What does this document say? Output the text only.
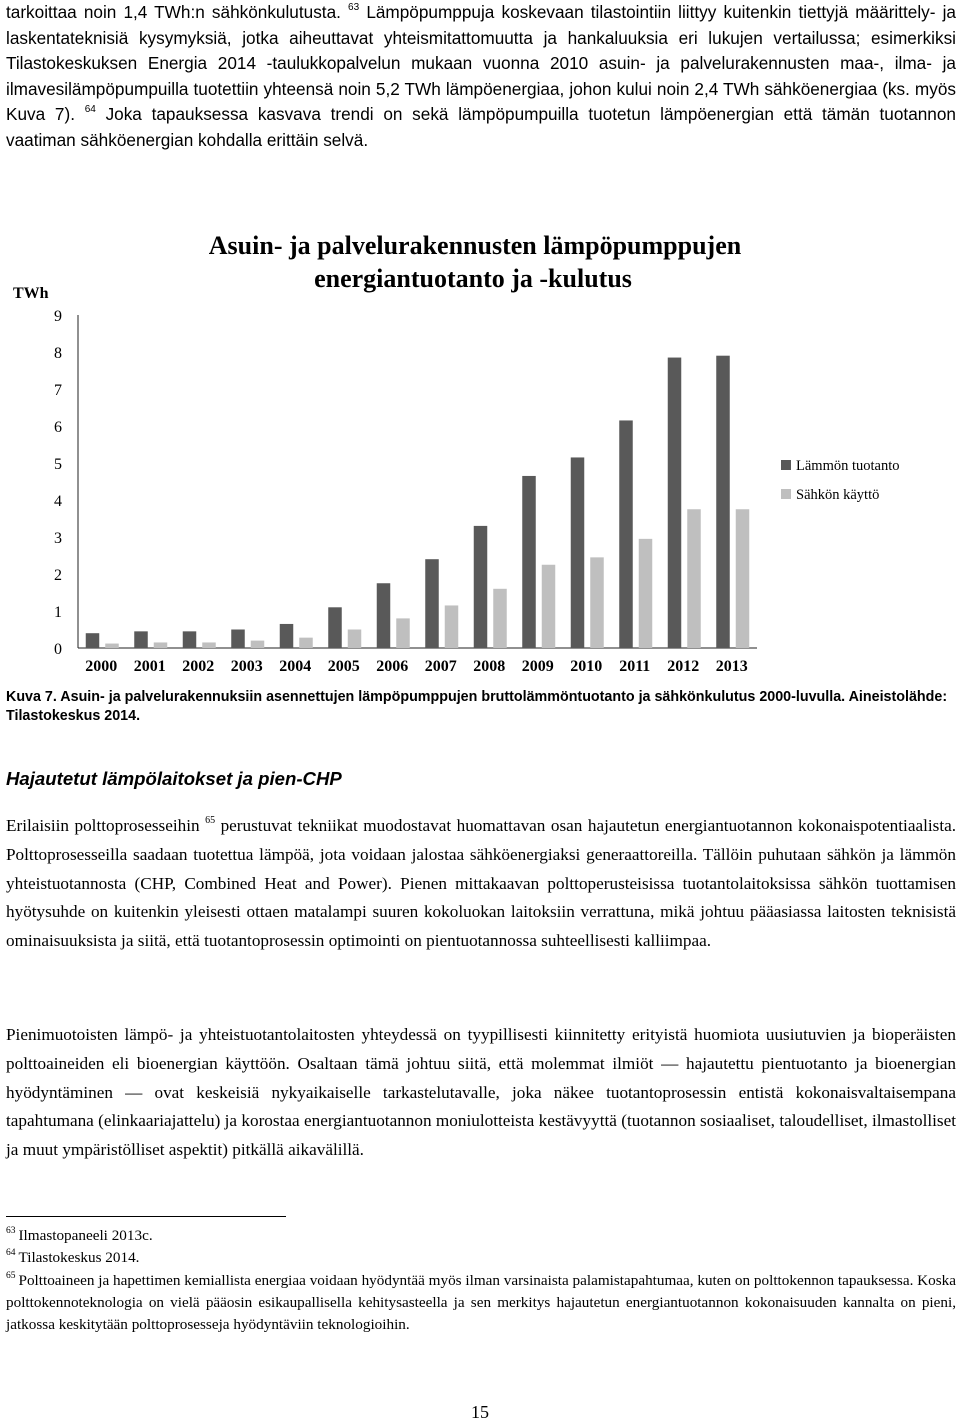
tarkoittaa noin 1,4 TWh:n sähkönkulutusta. $^{63}$ Lämpöpumppuja koskevaan tilastointiin liittyy kuitenkin tiettyjä määrittely- ja laskentateknisiä kysymyksiä, jotka aiheuttavat yhteismitattomuutta ja hankaluuksia eri lukujen vertailussa; esimerkiksi Tilastokeskuksen Energia 2014 -taulukkopalvelun mukaan vuonna 2010 asuin- ja palvelurakennusten maa-, ilma- ja ilmavesilämpöpumpuilla tuotettiin yhteensä noin 5,2 TWh lämpöenergiaa, johon kului noin 2,4 TWh sähköenergiaa (ks. myös Kuva 7). $^{64}$ Joka tapauksessa kasvava trendi on sekä lämpöpumpuilla tuotetun lämpöenergian että tämän tuotannon vaatiman sähköenergian kohdalla erittäin selvä.

Asuin- ja palvelurakennusten lämpöpumppujen
energiantuotanto ja -kulutus
TWh
0
1
2
3
4
5
6
7
8
9
2000 2001 2002 2003 2004 2005 2006 2007 2008 2009 2010 2011 2012 2013
Lämmön tuotanto
Sähkön käyttö

Kuva 7. Asuin- ja palvelurakennuksiin asennettujen lämpöpumppujen bruttolämmöntuotanto ja sähkönkulutus 2000-luvulla. Aineistolähde: Tilastokeskus 2014.

Hajautetut lämpölaitokset ja pien-CHP

Erilaisiin polttoprosesseihin $^{65}$ perustuvat tekniikat muodostavat huomattavan osan hajautetun energiantuotannon kokonaispotentiaalista. Polttoprosesseilla saadaan tuotettua lämpöä, jota voidaan jalostaa sähköenergiaksi generaattoreilla. Tällöin puhutaan sähkön ja lämmön yhteistuotannosta (CHP, Combined Heat and Power). Pienen mittakaavan polttoperusteisissa tuotantolaitoksissa sähkön tuottamisen hyötysuhde on kuitenkin yleisesti ottaen matalampi suuren kokoluokan laitoksiin verrattuna, mikä johtuu pääasiassa laitosten teknisistä ominaisuuksista ja siitä, että tuotantoprosessin optimointi on pientuotannossa suhteellisesti kalliimpaa.

Pienimuotoisten lämpö- ja yhteistuotantolaitosten yhteydessä on tyypillisesti kiinnitetty erityistä huomiota uusiutuvien ja bioperäisten polttoaineiden eli bioenergian käyttöön. Osaltaan tämä johtuu siitä, että molemmat ilmiöt — hajautettu pientuotanto ja bioenergian hyödyntäminen — ovat keskeisiä nykyaikaiselle tarkastelutavalle, joka näkee tuotantoprosessin entistä kokonaisvaltaisempana tapahtumana (elinkaariajattelu) ja korostaa energiantuotannon moniulotteista kestävyyttä (tuotannon sosiaaliset, taloudelliset, ilmastolliset ja muut ympäristölliset aspektit) pitkällä aikavälillä.

$^{63}$ Ilmastopaneeli 2013c.

$^{64}$ Tilastokeskus 2014.

$^{65}$ Polttoaineen ja hapettimen kemiallista energiaa voidaan hyödyntää myös ilman varsinaista palamistapahtumaa, kuten on polttokennon tapauksessa. Koska polttokennoteknologia on vielä pääosin esikaupallisella kehitysasteella ja sen merkitys hajautetun energiantuotannon kokonaisuuden kannalta on pieni, jatkossa keskitytään polttoprosesseja hyödyntäviin teknologioihin.

15
